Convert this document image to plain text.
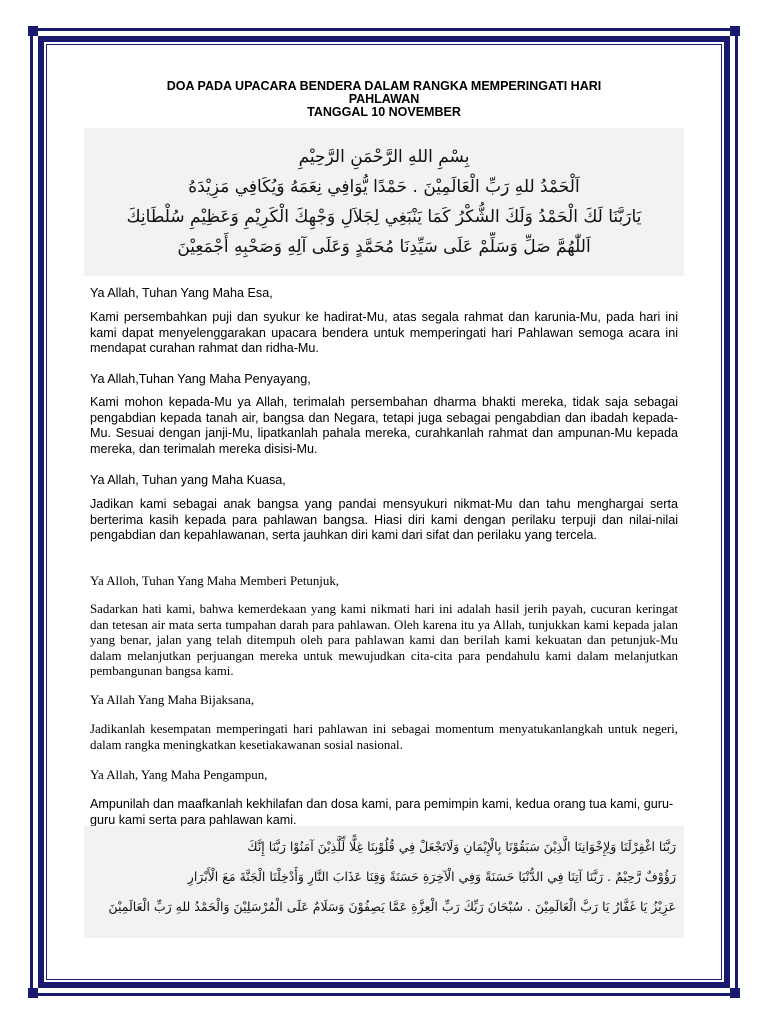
DOA PADA UPACARA BENDERA DALAM RANGKA MEMPERINGATI HARI
PAHLAWAN
TANGGAL 10 NOVEMBER
بِسْمِ اللهِ الرَّحْمَنِ الرَّحِيْمِ
اَلْحَمْدُ للهِ رَبِّ الْعَالَمِيْنَ . حَمْدًا يُّوَافِي نِعَمَهُ وَيُكَافِي مَزِيْدَهُ
يَارَبَّنَا لَكَ الْحَمْدُ وَلَكَ الشُّكْرُ كَمَا يَنْبَغِي لِجَلاَلِ وَجْهِكَ الْكَرِيْمِ وَعَظِيْمِ سُلْطَانِكَ
اَللّٰهُمَّ صَلِّ وَسَلِّمْ عَلَى سَيِّدِنَا مُحَمَّدٍ وَعَلَى آلِهِ وَصَحْبِهِ أَجْمَعِيْنَ

Ya Allah, Tuhan Yang Maha Esa,

Kami persembahkan puji dan syukur ke hadirat-Mu, atas segala rahmat dan karunia-Mu, pada hari ini kami dapat menyelenggarakan upacara bendera untuk memperingati hari Pahlawan semoga acara ini mendapat curahan rahmat dan ridha-Mu.

Ya Allah,Tuhan Yang Maha Penyayang,

Kami mohon kepada-Mu ya Allah, terimalah persembahan dharma bhakti mereka, tidak saja sebagai pengabdian kepada tanah air, bangsa dan Negara, tetapi juga sebagai pengabdian dan ibadah kepada-Mu. Sesuai dengan janji-Mu, lipatkanlah pahala mereka, curahkanlah rahmat dan ampunan-Mu kepada mereka, dan terimalah mereka disisi-Mu.

Ya Allah, Tuhan yang Maha Kuasa,

Jadikan kami sebagai anak bangsa yang pandai mensyukuri nikmat-Mu dan tahu menghargai serta berterima kasih kepada para pahlawan bangsa. Hiasi diri kami dengan perilaku terpuji dan nilai-nilai pengabdian dan kepahlawanan, serta jauhkan diri kami dari sifat dan perilaku yang tercela.

Ya Alloh, Tuhan Yang Maha Memberi Petunjuk,

Sadarkan hati kami, bahwa kemerdekaan yang kami nikmati hari ini adalah hasil jerih payah, cucuran keringat dan tetesan air mata serta tumpahan darah para pahlawan. Oleh karena itu ya Allah, tunjukkan kami kepada jalan yang benar, jalan yang telah ditempuh oleh para pahlawan kami dan berilah kami kekuatan dan petunjuk-Mu dalam melanjutkan perjuangan mereka untuk mewujudkan cita-cita para pendahulu kami dalam melanjutkan pembangunan bangsa kami.

Ya Allah Yang Maha Bijaksana,

Jadikanlah kesempatan memperingati hari pahlawan ini sebagai momentum menyatukanlangkah untuk negeri, dalam rangka meningkatkan kesetiakawanan sosial nasional.

Ya Allah, Yang Maha Pengampun,

Ampunilah dan maafkanlah kekhilafan dan dosa kami, para pemimpin kami, kedua orang tua kami, guru-guru kami serta para pahlawan kami.

رَبَّنَا اغْفِرْلَنَا وَلِإِخْوَانِنَا الَّذِيْنَ سَبَقُوْنَا بِالْإِيْمَانِ وَلَاتَجْعَلْ فِي قُلُوْبِنَا غِلًّا لِّلَّذِيْنَ آمَنُوْا رَبَّنَا إِنَّكَ
رَؤُوْفٌ رَّحِيْمٌ . رَبَّنَا آتِنَا فِي الدُّنْيَا حَسَنَةً وَفِي الْآخِرَةِ حَسَنَةً وَقِنَا عَذَابَ النَّارِ وَأَدْخِلْنَا الْجَنَّةَ مَعَ الْأَبْرَارِ
عَزِيْزُ يَا غَفَّارُ يَا رَبَّ الْعَالَمِيْنَ . سُبْحَانَ رَبِّكَ رَبِّ الْعِزَّةِ عَمَّا يَصِفُوْنَ وَسَلَامٌ عَلَى الْمُرْسَلِيْنَ وَالْحَمْدُ للهِ رَبِّ الْعَالَمِيْنَ
